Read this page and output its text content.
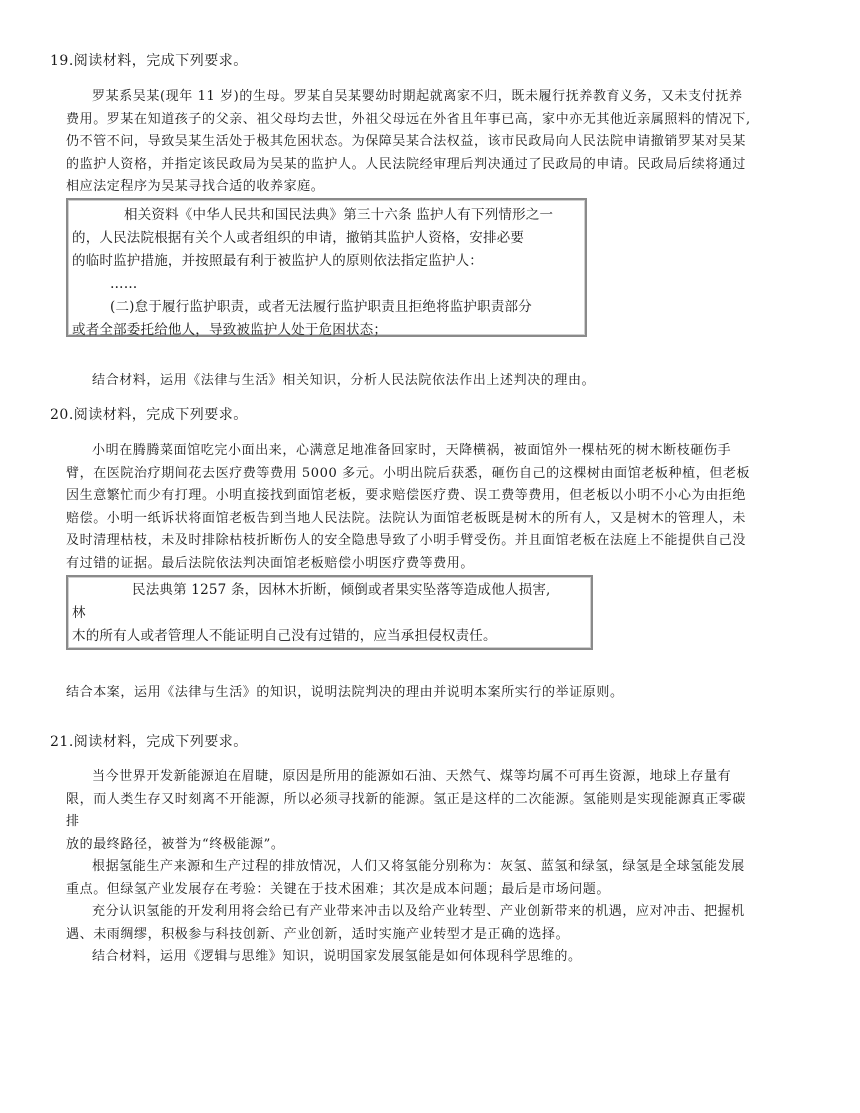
19.阅读材料，完成下列要求。
罗某系吴某(现年 11 岁)的生母。罗某自吴某婴幼时期起就离家不归，既未履行抚养教育义务，又未支付抚养
费用。罗某在知道孩子的父亲、祖父母均去世，外祖父母远在外省且年事已高，家中亦无其他近亲属照料的情况下,
仍不管不问，导致吴某生活处于极其危困状态。为保障吴某合法权益，该市民政局向人民法院申请撤销罗某对吴某
的监护人资格，并指定该民政局为吴某的监护人。人民法院经审理后判决通过了民政局的申请。民政局后续将通过
相应法定程序为吴某寻找合适的收养家庭。
相关资料《中华人民共和国民法典》第三十六条 监护人有下列情形之一
的，人民法院根据有关个人或者组织的申请，撤销其监护人资格，安排必要
的临时监护措施，并按照最有利于被监护人的原则依法指定监护人：
……
(二)怠于履行监护职责，或者无法履行监护职责且拒绝将监护职责部分
或者全部委托给他人，导致被监护人处于危困状态；
结合材料，运用《法律与生活》相关知识，分析人民法院依法作出上述判决的理由。
20.阅读材料，完成下列要求。
小明在腾腾菜面馆吃完小面出来，心满意足地准备回家时，天降横祸，被面馆外一棵枯死的树木断枝砸伤手
臂，在医院治疗期间花去医疗费等费用 5000 多元。小明出院后获悉，砸伤自己的这棵树由面馆老板种植，但老板
因生意繁忙而少有打理。小明直接找到面馆老板，要求赔偿医疗费、误工费等费用，但老板以小明不小心为由拒绝
赔偿。小明一纸诉状将面馆老板告到当地人民法院。法院认为面馆老板既是树木的所有人，又是树木的管理人，未
及时清理枯枝，未及时排除枯枝折断伤人的安全隐患导致了小明手臂受伤。并且面馆老板在法庭上不能提供自己没
有过错的证据。最后法院依法判决面馆老板赔偿小明医疗费等费用。
民法典第 1257 条，因林木折断，倾倒或者果实坠落等造成他人损害,
林
木的所有人或者管理人不能证明自己没有过错的，应当承担侵权责任。
结合本案，运用《法律与生活》的知识，说明法院判决的理由并说明本案所实行的举证原则。
21.阅读材料，完成下列要求。
当今世界开发新能源迫在眉睫，原因是所用的能源如石油、天然气、煤等均属不可再生资源，地球上存量有
限，而人类生存又时刻离不开能源，所以必须寻找新的能源。氢正是这样的二次能源。氢能则是实现能源真正零碳
排
放的最终路径，被誉为“终极能源”。
根据氢能生产来源和生产过程的排放情况，人们又将氢能分别称为：灰氢、蓝氢和绿氢，绿氢是全球氢能发展
重点。但绿氢产业发展存在考验：关键在于技术困难；其次是成本问题；最后是市场问题。
充分认识氢能的开发利用将会给已有产业带来冲击以及给产业转型、产业创新带来的机遇，应对冲击、把握机
遇、未雨绸缪，积极参与科技创新、产业创新，适时实施产业转型才是正确的选择。
结合材料，运用《逻辑与思维》知识，说明国家发展氢能是如何体现科学思维的。
